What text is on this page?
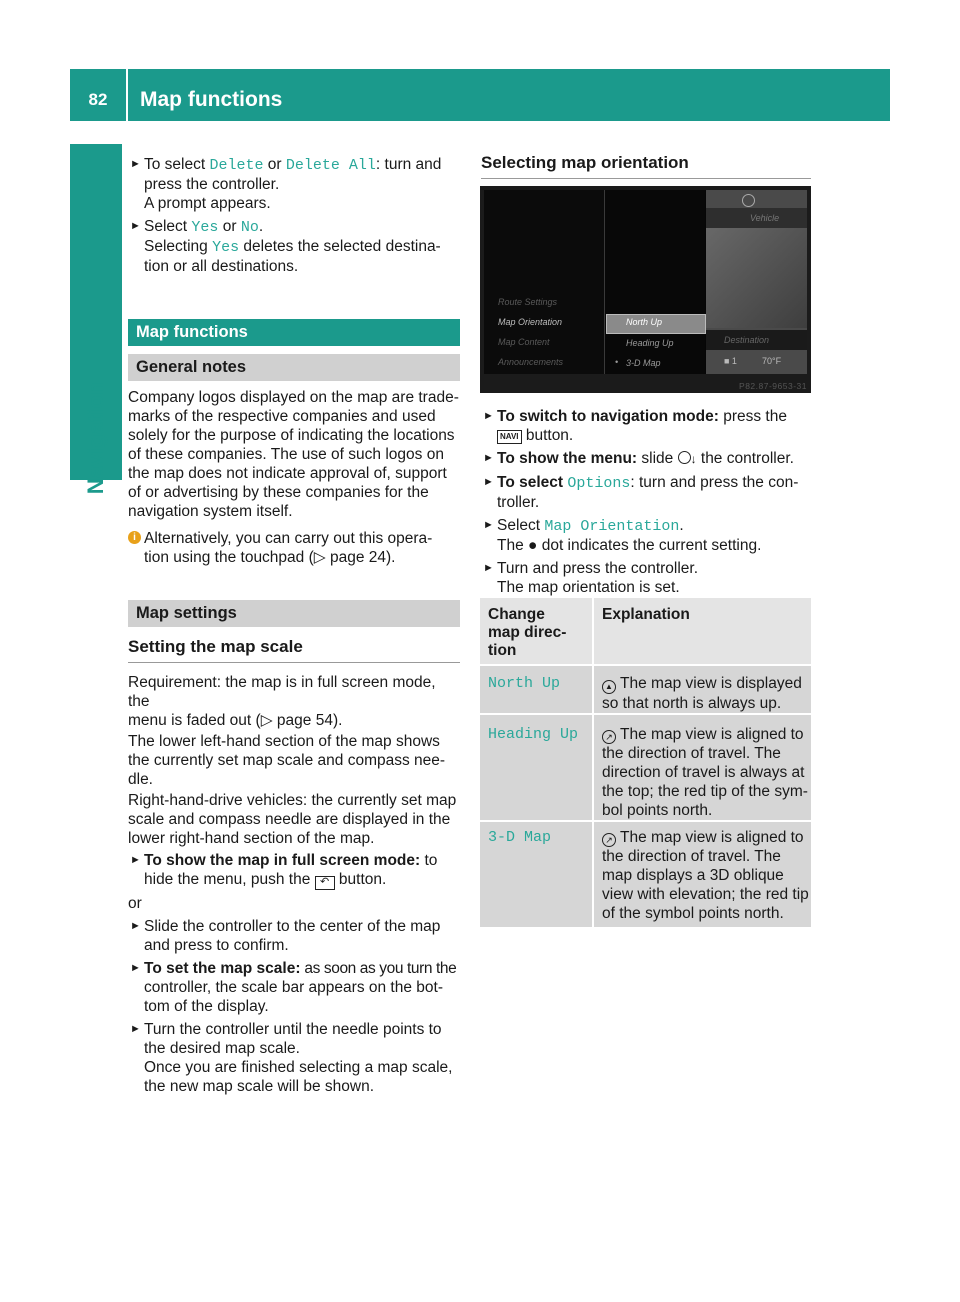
82	Map functions
Navigation
► To select Delete or Delete All: turn and
press the controller.
A prompt appears.
► Select Yes or No.
Selecting Yes deletes the selected destina-
tion or all destinations.
Map functions
General notes

Company logos displayed on the map are trade-

marks of the respective companies and used

solely for the purpose of indicating the locations

of these companies. The use of such logos on

the map does not indicate approval of, support

of or advertising by these companies for the

navigation system itself.

i Alternatively, you can carry out this opera-
tion using the touchpad (▷ page 24).
Map settings
Setting the map scale

Requirement: the map is in full screen mode, the

menu is faded out (▷ page 54).

The lower left-hand section of the map shows

the currently set map scale and compass nee-

dle.

Right-hand-drive vehicles: the currently set map

scale and compass needle are displayed in the

lower right-hand section of the map.

► To show the map in full screen mode: to
hide the menu, push the ↶ button.

or

► Slide the controller to the center of the map
and press to confirm.
► To set the map scale: as soon as you turn the
controller, the scale bar appears on the bot-
tom of the display.
► Turn the controller until the needle points to
the desired map scale.
Once you are finished selecting a map scale,
the new map scale will be shown.
Selecting map orientation
Route Settings
Map Orientation
Map Content
Announcements
North Up
Heading Up
• 3-D Map
Vehicle
Destination
■ 1	70°F
P82.87-9653-31
► To switch to navigation mode: press the
NAVI button.
► To show the menu: slide ↓ the controller.
► To select Options: turn and press the con-
troller.
► Select Map Orientation.
The ● dot indicates the current setting.
► Turn and press the controller.
The map orientation is set.
Change
map direc-
tion	Explanation
North Up	▲ The map view is displayed
so that north is always up.
Heading Up	↗ The map view is aligned to
the direction of travel. The
direction of travel is always at
the top; the red tip of the sym-
bol points north.
3-D Map	↗ The map view is aligned to
the direction of travel. The
map displays a 3D oblique
view with elevation; the red tip
of the symbol points north.
